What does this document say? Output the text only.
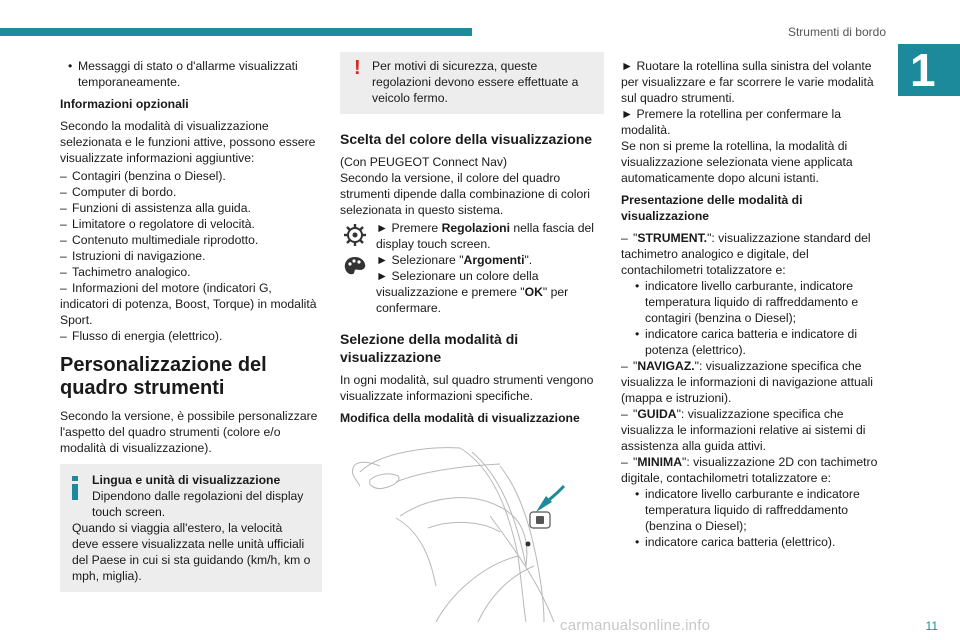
Strumenti di bordo
1

• Messaggi di stato o d'allarme visualizzati temporaneamente.

Informazioni opzionali

Secondo la modalità di visualizzazione selezionata e le funzioni attive, possono essere visualizzate informazioni aggiuntive:

– Contagiri (benzina o Diesel).
– Computer di bordo.
– Funzioni di assistenza alla guida.
– Limitatore o regolatore di velocità.
– Contenuto multimediale riprodotto.
– Istruzioni di navigazione.
– Tachimetro analogico.
– Informazioni del motore (indicatori G, indicatori di potenza, Boost, Torque) in modalità Sport.
– Flusso di energia (elettrico).
Personalizzazione del quadro strumenti

Secondo la versione, è possibile personalizzare l'aspetto del quadro strumenti (colore e/o modalità di visualizzazione).

Lingua e unità di visualizzazione
Dipendono dalle regolazioni del display touch screen.
Quando si viaggia all'estero, la velocità deve essere visualizzata nelle unità ufficiali del Paese in cui si sta guidando (km/h, km o mph, miglia).
! Per motivi di sicurezza, queste regolazioni devono essere effettuate a veicolo fermo.
Scelta del colore della visualizzazione

(Con PEUGEOT Connect Nav)

Secondo la versione, il colore del quadro strumenti dipende dalla combinazione di colori selezionata in questo sistema.

► Premere Regolazioni nella fascia del display touch screen.
► Selezionare "Argomenti".

► Selezionare un colore della visualizzazione e premere "OK" per confermare.

Selezione della modalità di visualizzazione

In ogni modalità, sul quadro strumenti vengono visualizzate informazioni specifiche.

Modifica della modalità di visualizzazione

► Ruotare la rotellina sulla sinistra del volante per visualizzare e far scorrere le varie modalità sul quadro strumenti.

► Premere la rotellina per confermare la modalità.

Se non si preme la rotellina, la modalità di visualizzazione selezionata viene applicata automaticamente dopo alcuni istanti.

Presentazione delle modalità di visualizzazione

– "STRUMENT.": visualizzazione standard del tachimetro analogico e digitale, del contachilometri totalizzatore e:

• indicatore livello carburante, indicatore temperatura liquido di raffreddamento e contagiri (benzina o Diesel);

• indicatore carica batteria e indicatore di potenza (elettrico).

– "NAVIGAZ.": visualizzazione specifica che visualizza le informazioni di navigazione attuali (mappa e istruzioni).

– "GUIDA": visualizzazione specifica che visualizza le informazioni relative ai sistemi di assistenza alla guida attivi.

– "MINIMA": visualizzazione 2D con tachimetro digitale, contachilometri totalizzatore e:

• indicatore livello carburante e indicatore temperatura liquido di raffreddamento (benzina o Diesel);

• indicatore carica batteria (elettrico).

carmanualsonline.info	11
